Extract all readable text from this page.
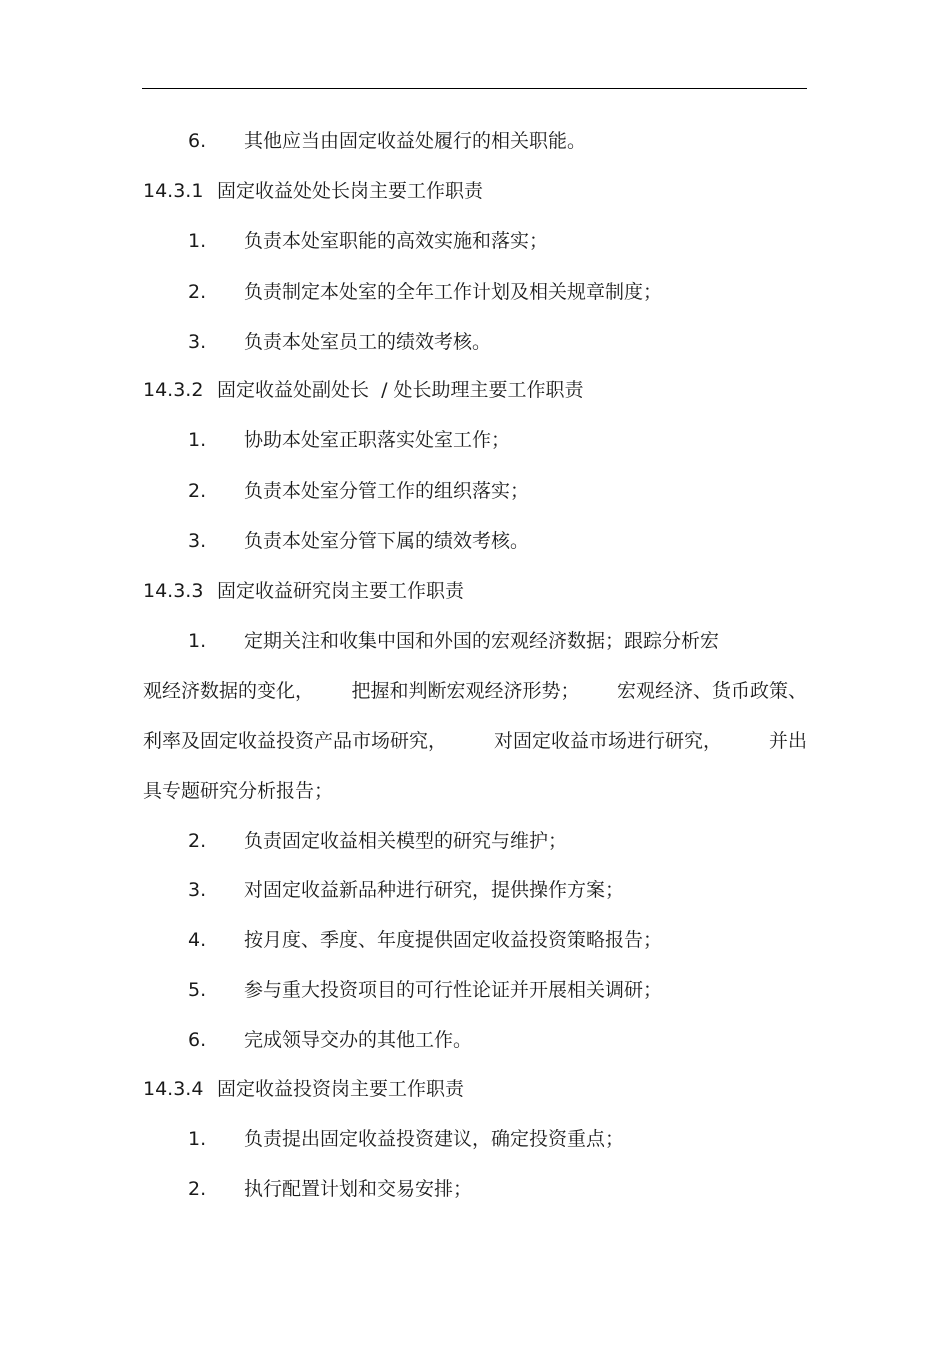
6. 其他应当由固定收益处履行的相关职能。
14.3.1 固定收益处处长岗主要工作职责
1. 负责本处室职能的高效实施和落实；
2. 负责制定本处室的全年工作计划及相关规章制度；
3. 负责本处室员工的绩效考核。
14.3.2 固定收益处副处长  / 处长助理主要工作职责
1. 协助本处室正职落实处室工作；
2. 负责本处室分管工作的组织落实；
3. 负责本处室分管下属的绩效考核。
14.3.3 固定收益研究岗主要工作职责
1. 定期关注和收集中国和外国的宏观经济数据；跟踪分析宏
观经济数据的变化， 把握和判断宏观经济形势； 宏观经济、货币政策、
利率及固定收益投资产品市场研究， 对固定收益市场进行研究， 并出
具专题研究分析报告；
2. 负责固定收益相关模型的研究与维护；
3. 对固定收益新品种进行研究，提供操作方案；
4. 按月度、季度、年度提供固定收益投资策略报告；
5. 参与重大投资项目的可行性论证并开展相关调研；
6. 完成领导交办的其他工作。
14.3.4 固定收益投资岗主要工作职责
1. 负责提出固定收益投资建议，确定投资重点；
2. 执行配置计划和交易安排；
